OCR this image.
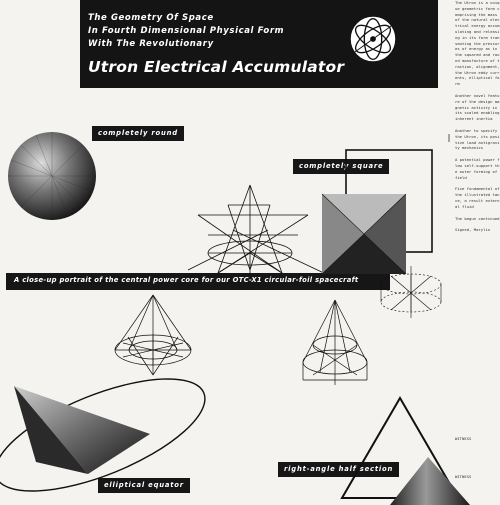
The Geometry Of Space
In Fourth Dimensional Physical Form
With The Revolutionary
Utron Electrical Accumulator
completely round
completely square
elliptical equator
right-angle half section
A close-up portrait of the central power core for our OTC-X1 circular-foil spacecraft

The Utron is a unique geometric form comprising the mass of the natural electrical energy accumulating and releasing in its form transmuting the pressures of energy as in the squared and round manufacture of traction, alignment, the Utron eddy currents, elliptical form

Another novel feature of the design magnetic activity in its scaled enabling inherent inertia

Another to specify the Utron, its positive load antigravity mechanics

A potential power flow self-support the outer forming of field

Five fundamental of the illustrated tance, a result external fluid

The begun continued

Signed, Marylin

WITNESS

WITNESS
